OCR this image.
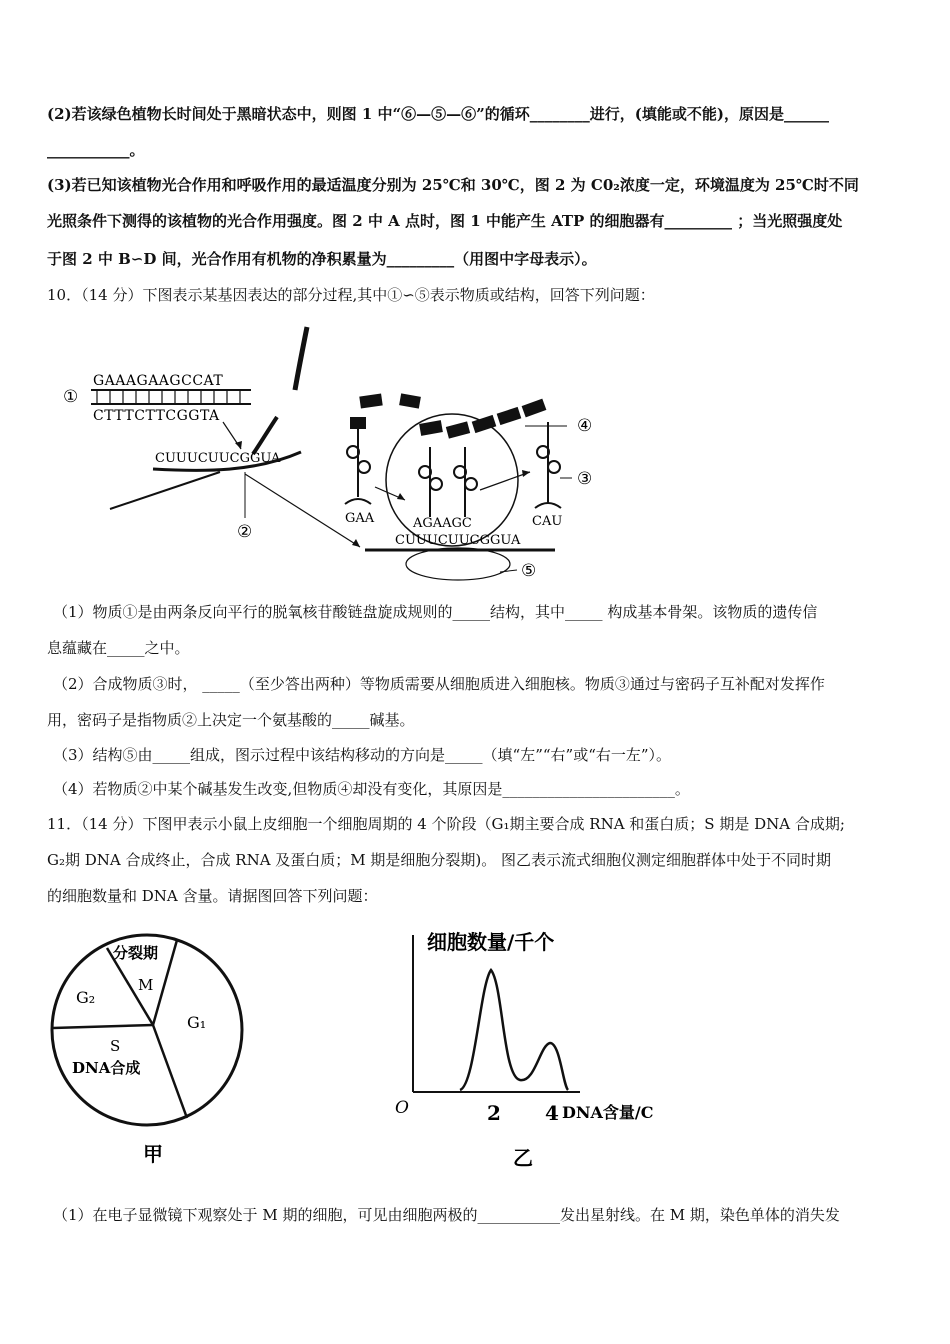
(2)若该绿色植物长时间处于黑暗状态中，则图 1 中“⑥—⑤—⑥”的循环________进行，(填能或不能)，原因是______
___________。
(3)若已知该植物光合作用和呼吸作用的最适温度分别为 25℃和 30℃，图 2 为 C0₂浓度一定，环境温度为 25℃时不同
光照条件下测得的该植物的光合作用强度。图 2 中 A 点时，图 1 中能产生 ATP 的细胞器有_________ ；当光照强度处
于图 2 中 B∽D 间，光合作用有机物的净积累量为_________（用图中字母表示）。
10．（14 分）下图表示某基因表达的部分过程,其中①∽⑤表示物质或结构，回答下列问题：
①
GAAAGAAGCCAT
CTTTCTTCGGTA
CUUUCUUCGGUA
②
④
GAA	AGAAGC	CAU
③
CUUUCUUCGGUA
⑤
（1）物质①是由两条反向平行的脱氧核苷酸链盘旋成规则的_____结构，其中_____ 构成基本骨架。该物质的遗传信
息蕴藏在_____之中。
（2）合成物质③时， _____（至少答出两种）等物质需要从细胞质进入细胞核。物质③通过与密码子互补配对发挥作
用，密码子是指物质②上决定一个氨基酸的_____碱基。
（3）结构⑤由_____组成，图示过程中该结构移动的方向是_____（填“左”“右”或“右一左”）。
（4）若物质②中某个碱基发生改变,但物质④却没有变化，其原因是_______________________。
11．（14 分）下图甲表示小鼠上皮细胞一个细胞周期的 4 个阶段（G₁期主要合成 RNA 和蛋白质；S 期是 DNA 合成期;
G₂期 DNA 合成终止，合成 RNA 及蛋白质；M 期是细胞分裂期)。 图乙表示流式细胞仪测定细胞群体中处于不同时期
的细胞数量和 DNA 含量。请据图回答下列问题：
分裂期
M
G₂
G₁
S
DNA合成
甲
细胞数量/千个
O	2 4 DNA含量/C
乙
（1）在电子显微镜下观察处于 M 期的细胞，可见由细胞两极的___________发出星射线。在 M 期，染色单体的消失发
